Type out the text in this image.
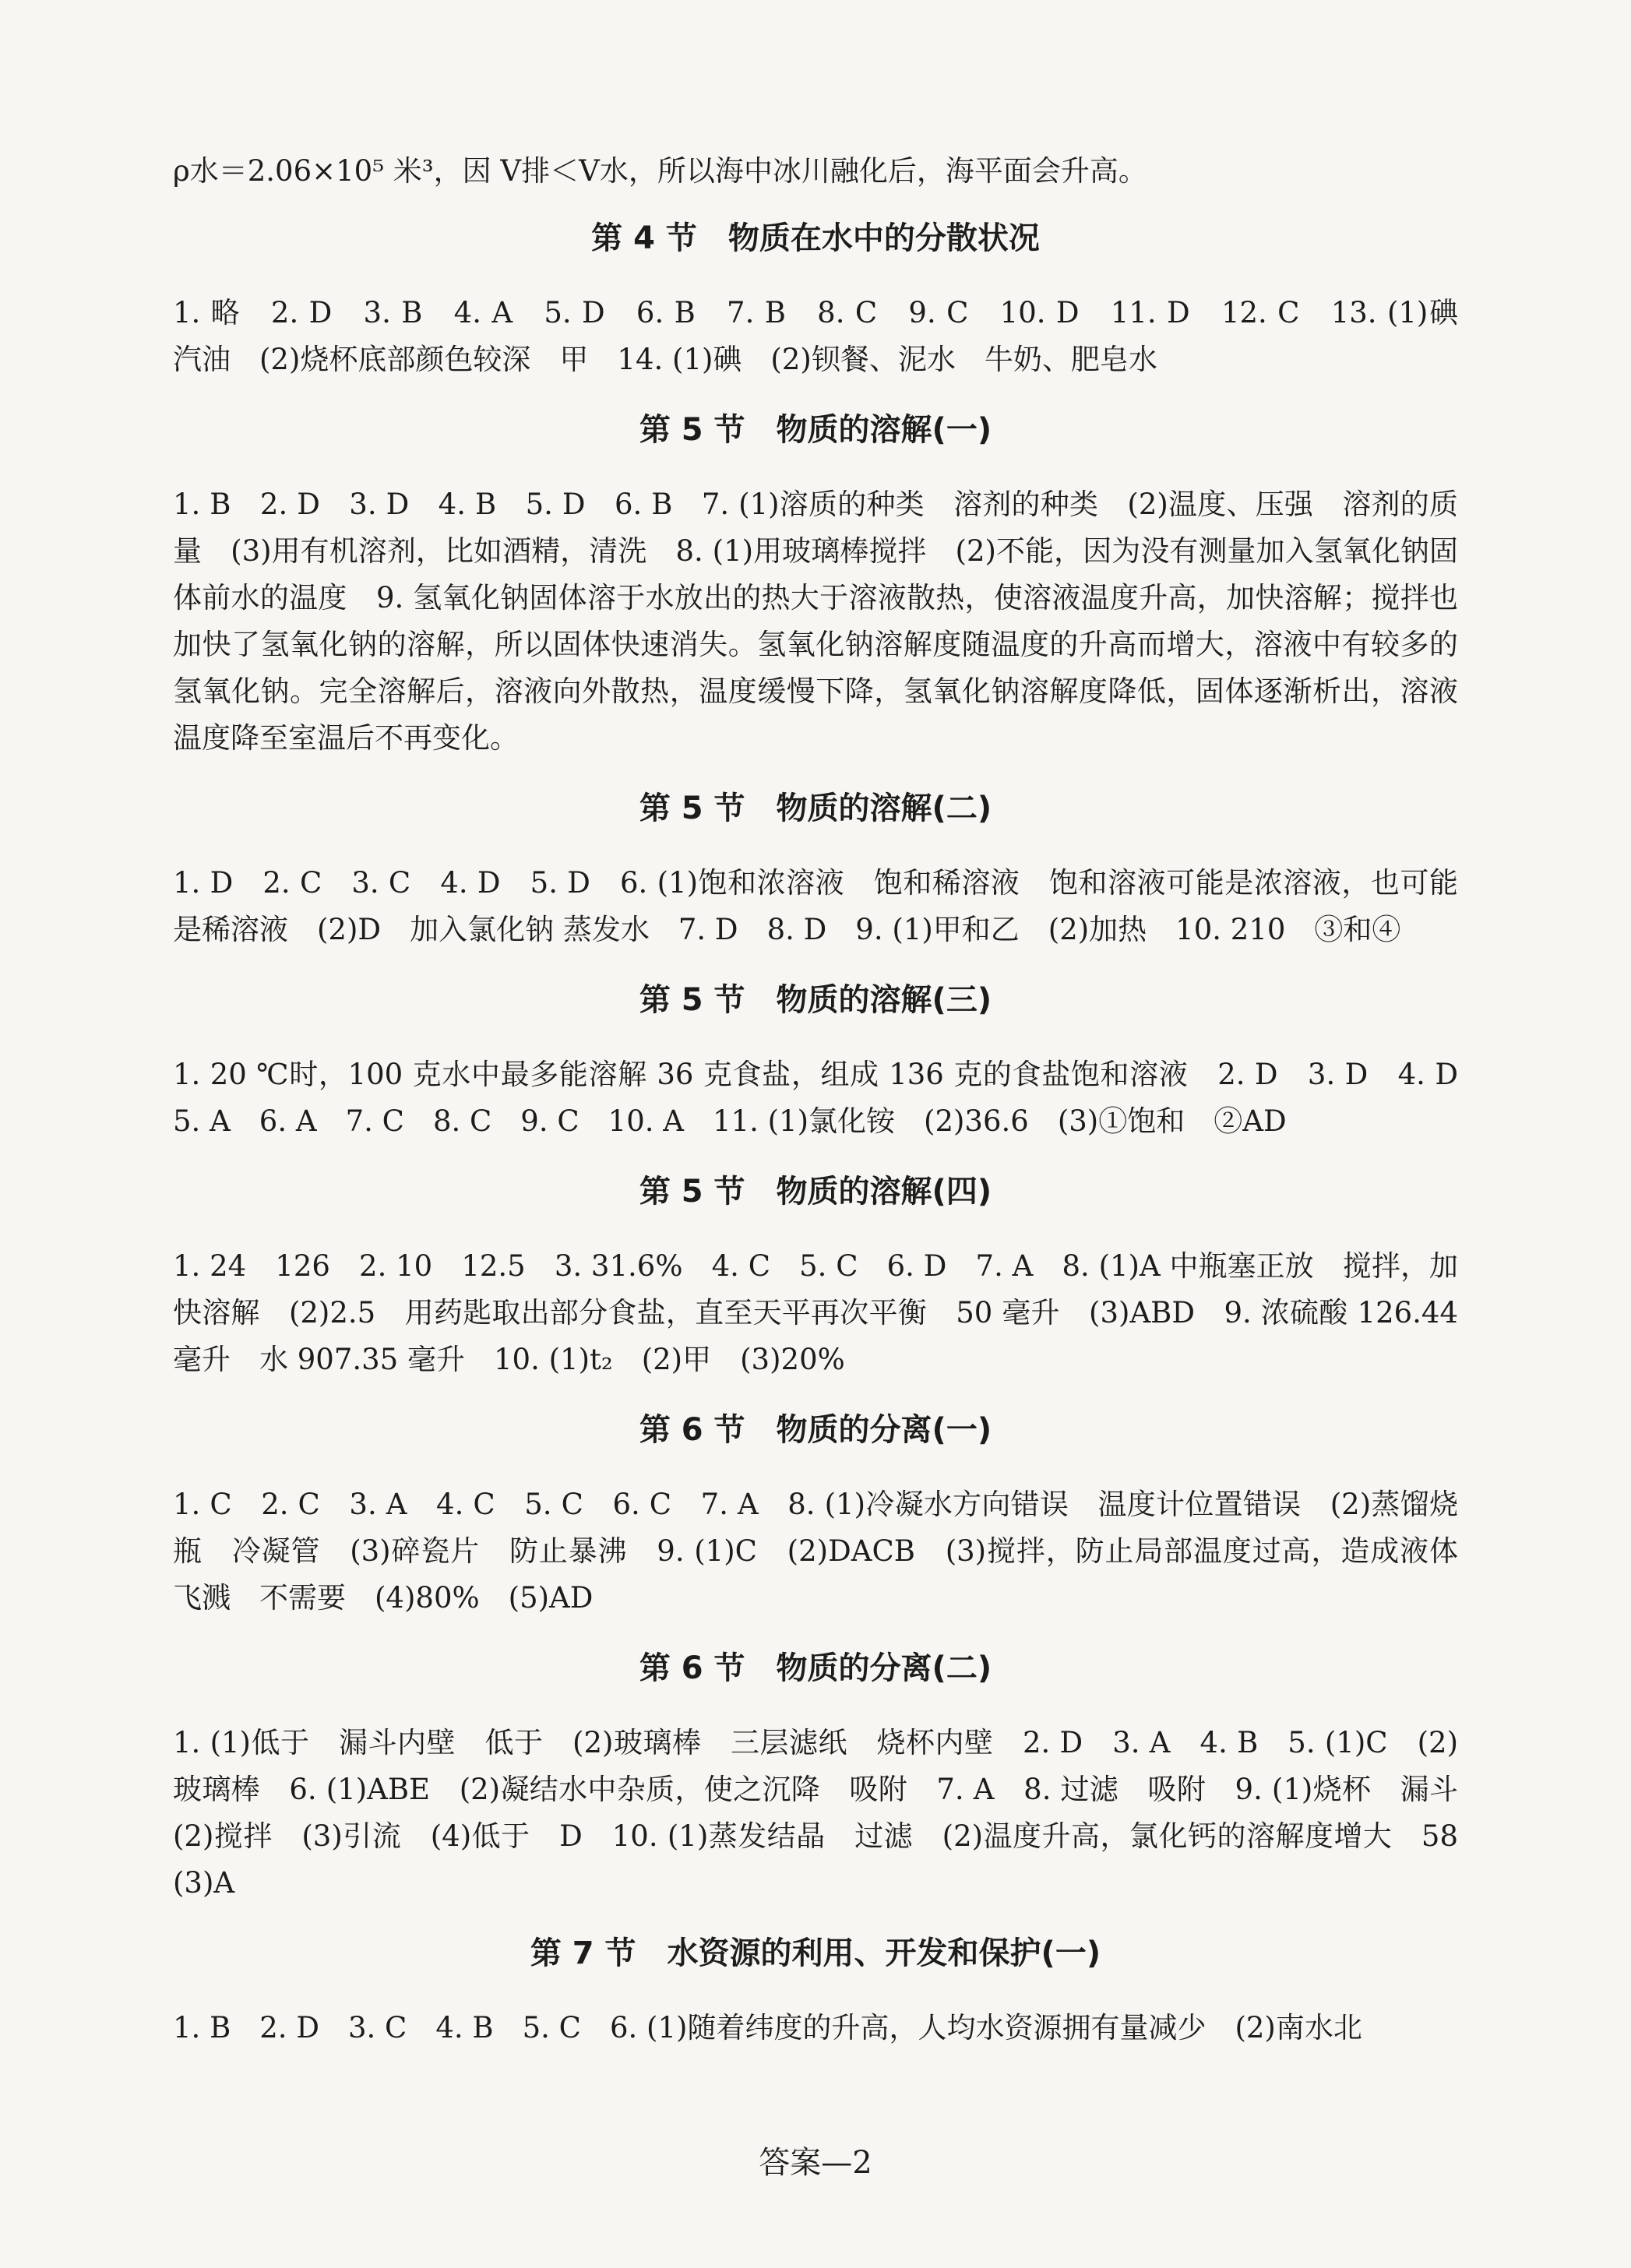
ρ水＝2.06×10⁵ 米³，因 V排＜V水，所以海中冰川融化后，海平面会升高。

第 4 节　物质在水中的分散状况

1. 略　2. D　3. B　4. A　5. D　6. B　7. B　8. C　9. C　10. D　11. D　12. C　13. (1)碘　汽油　(2)烧杯底部颜色较深　甲　14. (1)碘　(2)钡餐、泥水　牛奶、肥皂水

第 5 节　物质的溶解(一)

1. B　2. D　3. D　4. B　5. D　6. B　7. (1)溶质的种类　溶剂的种类　(2)温度、压强　溶剂的质量　(3)用有机溶剂，比如酒精，清洗　8. (1)用玻璃棒搅拌　(2)不能，因为没有测量加入氢氧化钠固体前水的温度　9. 氢氧化钠固体溶于水放出的热大于溶液散热，使溶液温度升高，加快溶解；搅拌也加快了氢氧化钠的溶解，所以固体快速消失。氢氧化钠溶解度随温度的升高而增大，溶液中有较多的氢氧化钠。完全溶解后，溶液向外散热，温度缓慢下降，氢氧化钠溶解度降低，固体逐渐析出，溶液温度降至室温后不再变化。

第 5 节　物质的溶解(二)

1. D　2. C　3. C　4. D　5. D　6. (1)饱和浓溶液　饱和稀溶液　饱和溶液可能是浓溶液，也可能是稀溶液　(2)D　加入氯化钠 蒸发水　7. D　8. D　9. (1)甲和乙　(2)加热　10. 210　③和④

第 5 节　物质的溶解(三)

1. 20 ℃时，100 克水中最多能溶解 36 克食盐，组成 136 克的食盐饱和溶液　2. D　3. D　4. D　5. A　6. A　7. C　8. C　9. C　10. A　11. (1)氯化铵　(2)36.6　(3)①饱和　②AD

第 5 节　物质的溶解(四)

1. 24　126　2. 10　12.5　3. 31.6%　4. C　5. C　6. D　7. A　8. (1)A 中瓶塞正放　搅拌，加快溶解　(2)2.5　用药匙取出部分食盐，直至天平再次平衡　50 毫升　(3)ABD　9. 浓硫酸 126.44 毫升　水 907.35 毫升　10. (1)t₂　(2)甲　(3)20%

第 6 节　物质的分离(一)

1. C　2. C　3. A　4. C　5. C　6. C　7. A　8. (1)冷凝水方向错误　温度计位置错误　(2)蒸馏烧瓶　冷凝管　(3)碎瓷片　防止暴沸　9. (1)C　(2)DACB　(3)搅拌，防止局部温度过高，造成液体飞溅　不需要　(4)80%　(5)AD

第 6 节　物质的分离(二)

1. (1)低于　漏斗内壁　低于　(2)玻璃棒　三层滤纸　烧杯内壁　2. D　3. A　4. B　5. (1)C　(2)玻璃棒　6. (1)ABE　(2)凝结水中杂质，使之沉降　吸附　7. A　8. 过滤　吸附　9. (1)烧杯　漏斗　(2)搅拌　(3)引流　(4)低于　D　10. (1)蒸发结晶　过滤　(2)温度升高，氯化钙的溶解度增大　58　(3)A

第 7 节　水资源的利用、开发和保护(一)

1. B　2. D　3. C　4. B　5. C　6. (1)随着纬度的升高，人均水资源拥有量减少　(2)南水北

答案—2
